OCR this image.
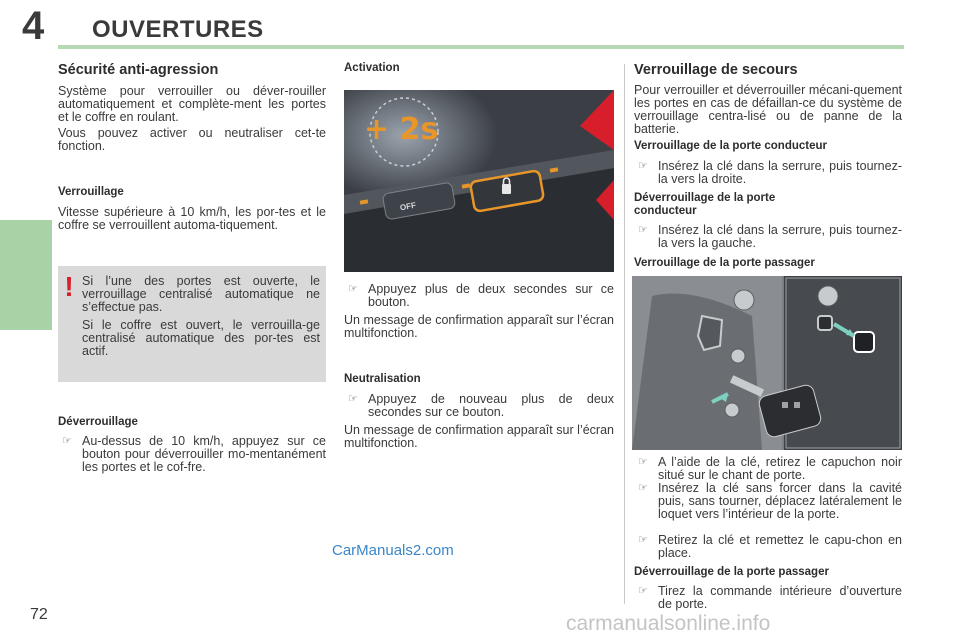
4 OUVERTURES
Sécurité anti-agression
Système pour verrouiller ou déver-rouiller automatiquement et complète-ment les portes et le coffre en roulant.
Vous pouvez activer ou neutraliser cet-te fonction.
Verrouillage
Vitesse supérieure à 10 km/h, les por-tes et le coffre se verrouillent automa-tiquement.
! Si l’une des portes est ouverte, le verrouillage centralisé automatique ne s’effectue pas.
Si le coffre est ouvert, le verrouilla-ge centralisé automatique des por-tes est actif.
Déverrouillage
☞ Au-dessus de 10 km/h, appuyez sur ce bouton pour déverrouiller mo-mentanément les portes et le cof-fre.
Activation
+ 2s
OFF
☞ Appuyez plus de deux secondes sur ce bouton.
Un message de confirmation apparaît sur l’écran multifonction.
Neutralisation
☞ Appuyez de nouveau plus de deux secondes sur ce bouton.
Un message de confirmation apparaît sur l’écran multifonction.
Verrouillage de secours
Pour verrouiller et déverrouiller mécani-quement les portes en cas de défaillan-ce du système de verrouillage centra-lisé ou de panne de la batterie.
Verrouillage de la porte conducteur
☞ Insérez la clé dans la serrure, puis tournez-la vers la droite.
Déverrouillage de la porte conducteur
☞ Insérez la clé dans la serrure, puis tournez-la vers la gauche.
Verrouillage de la porte passager
☞ A l’aide de la clé, retirez le capuchon noir situé sur le chant de porte.
☞ Insérez la clé sans forcer dans la cavité puis, sans tourner, déplacez latéralement le loquet vers l’intérieur de la porte.
☞ Retirez la clé et remettez le capu-chon en place.
Déverrouillage de la porte passager
☞ Tirez la commande intérieure d’ouverture de porte.
CarManuals2.com
72	carmanualsonline.info
